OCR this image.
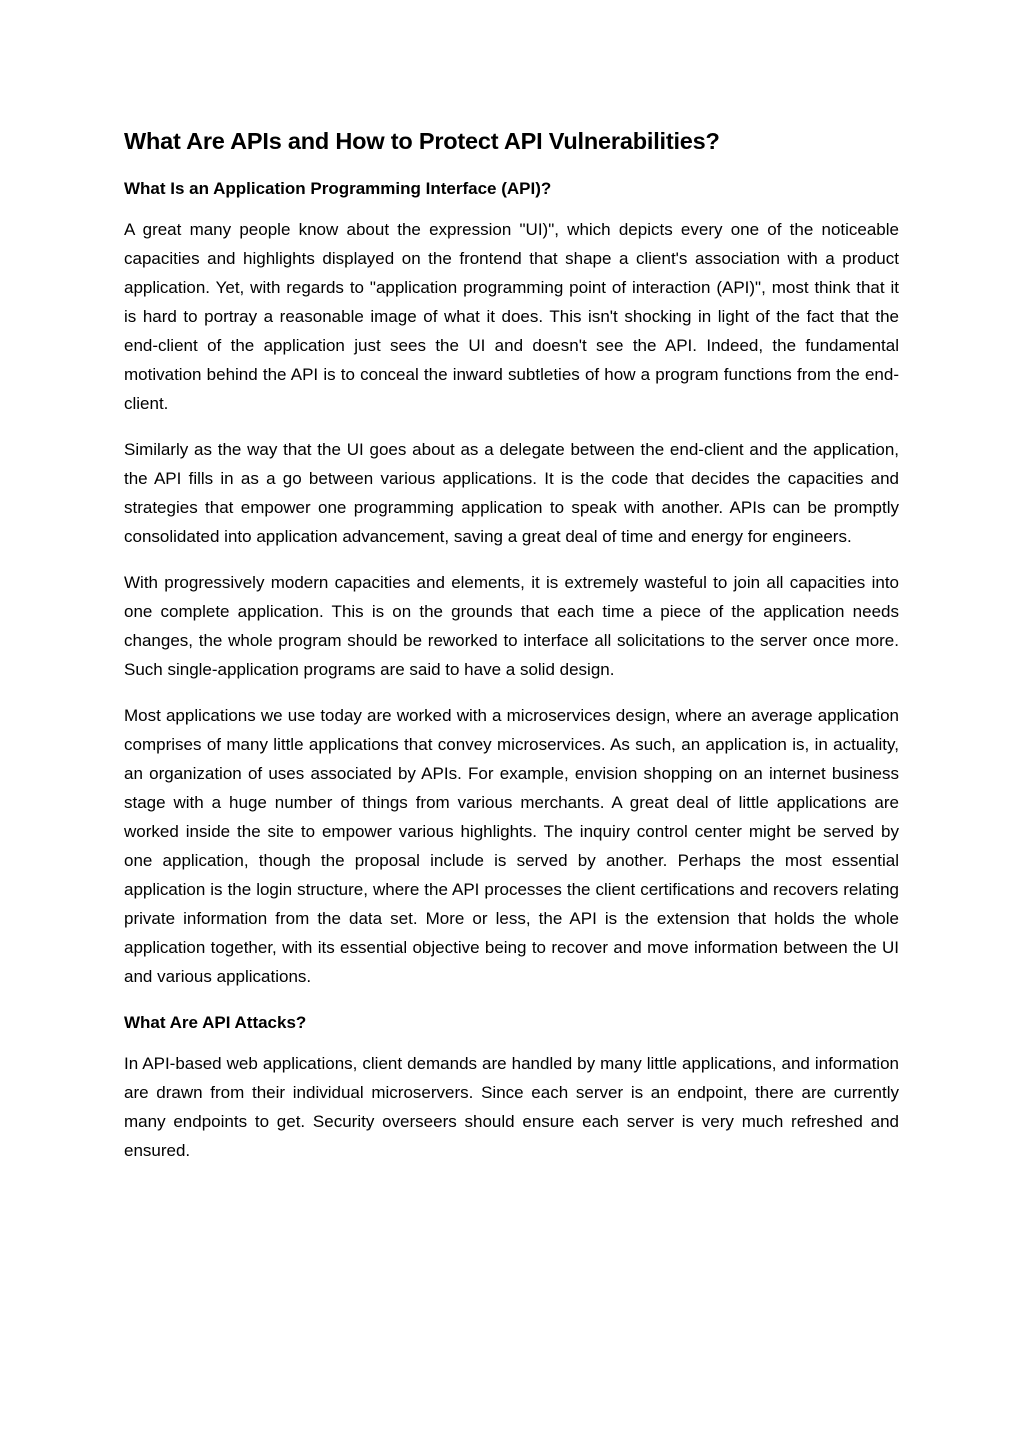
What Are APIs and How to Protect API Vulnerabilities?
What Is an Application Programming Interface (API)?

A great many people know about the expression "UI)", which depicts every one of the noticeable capacities and highlights displayed on the frontend that shape a client's association with a product application. Yet, with regards to "application programming point of interaction (API)", most think that it is hard to portray a reasonable image of what it does. This isn't shocking in light of the fact that the end-client of the application just sees the UI and doesn't see the API. Indeed, the fundamental motivation behind the API is to conceal the inward subtleties of how a program functions from the end-client.

Similarly as the way that the UI goes about as a delegate between the end-client and the application, the API fills in as a go between various applications. It is the code that decides the capacities and strategies that empower one programming application to speak with another. APIs can be promptly consolidated into application advancement, saving a great deal of time and energy for engineers.

With progressively modern capacities and elements, it is extremely wasteful to join all capacities into one complete application. This is on the grounds that each time a piece of the application needs changes, the whole program should be reworked to interface all solicitations to the server once more. Such single-application programs are said to have a solid design.

Most applications we use today are worked with a microservices design, where an average application comprises of many little applications that convey microservices. As such, an application is, in actuality, an organization of uses associated by APIs. For example, envision shopping on an internet business stage with a huge number of things from various merchants. A great deal of little applications are worked inside the site to empower various highlights. The inquiry control center might be served by one application, though the proposal include is served by another. Perhaps the most essential application is the login structure, where the API processes the client certifications and recovers relating private information from the data set. More or less, the API is the extension that holds the whole application together, with its essential objective being to recover and move information between the UI and various applications.

What Are API Attacks?

In API-based web applications, client demands are handled by many little applications, and information are drawn from their individual microservers. Since each server is an endpoint, there are currently many endpoints to get. Security overseers should ensure each server is very much refreshed and ensured.
